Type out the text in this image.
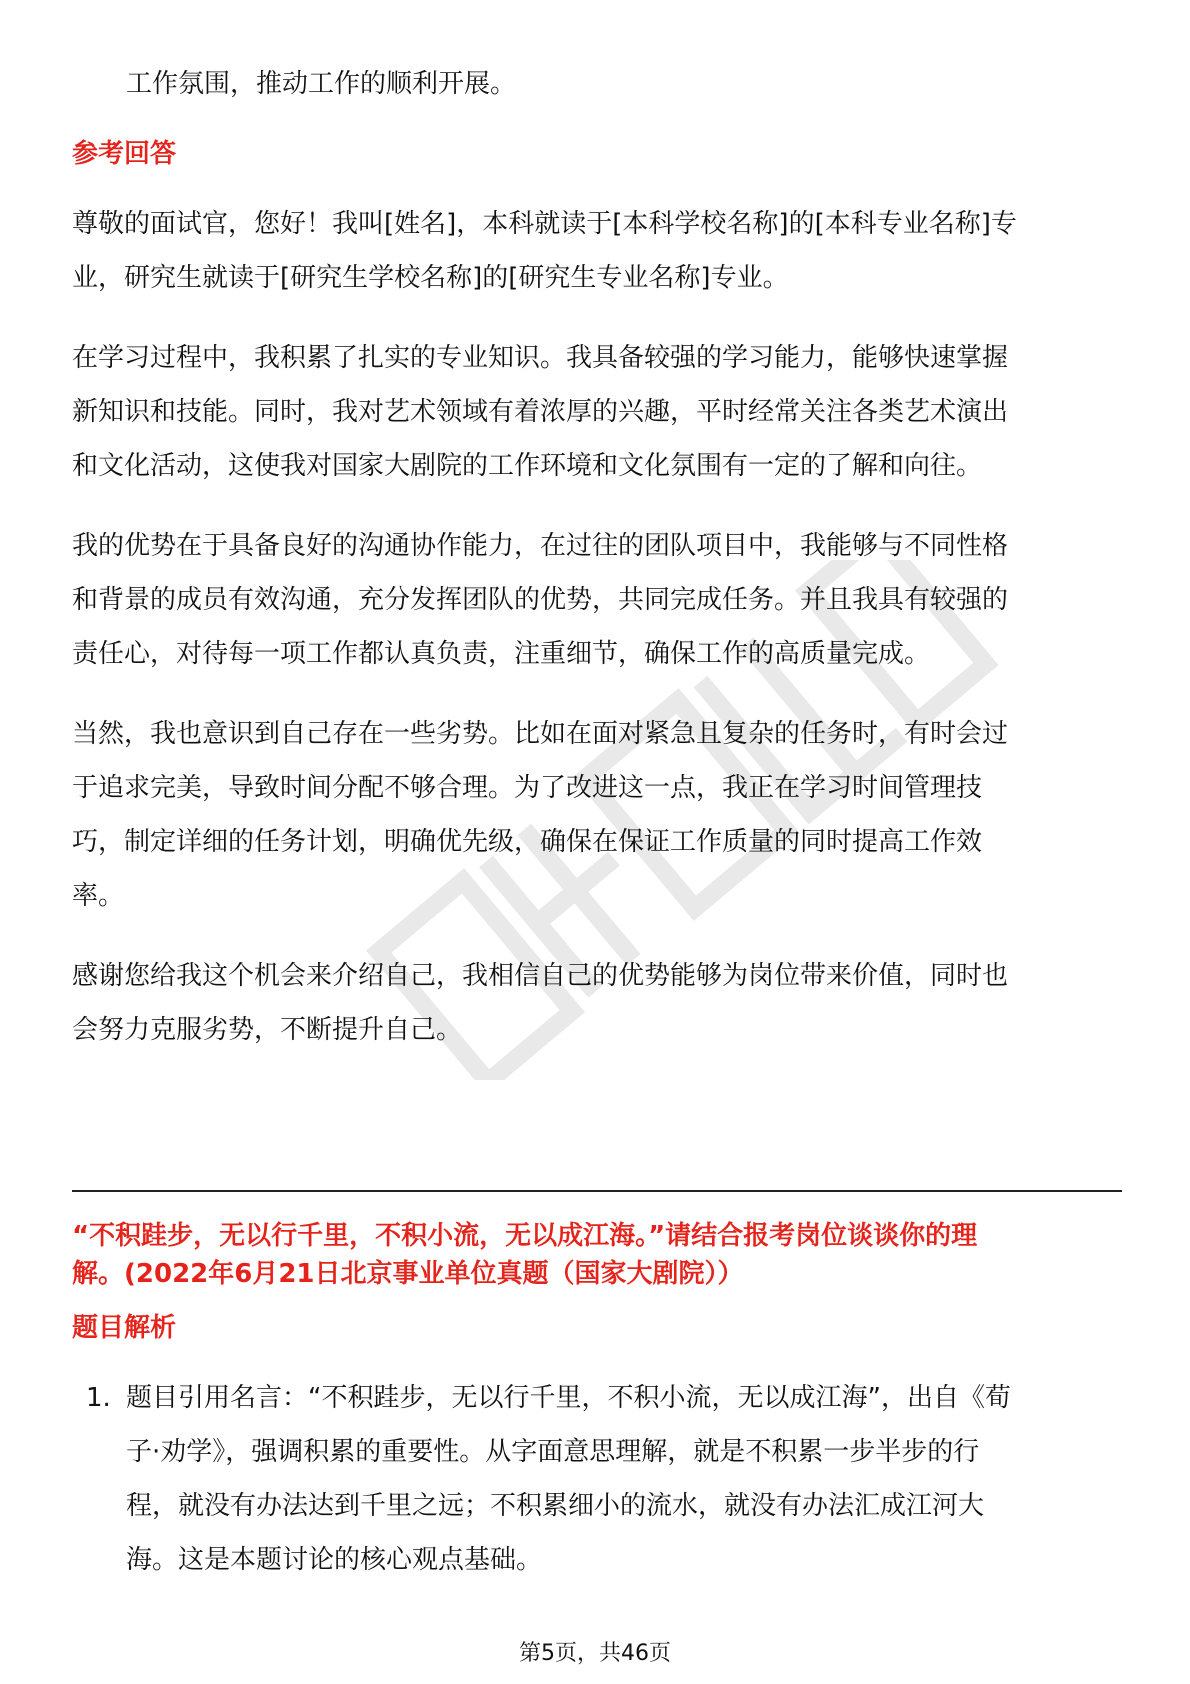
工作氛围，推动工作的顺利开展。
参考回答
尊敬的面试官，您好！我叫[姓名]，本科就读于[本科学校名称]的[本科专业名称]专
业，研究生就读于[研究生学校名称]的[研究生专业名称]专业。
在学习过程中，我积累了扎实的专业知识。我具备较强的学习能力，能够快速掌握
新知识和技能。同时，我对艺术领域有着浓厚的兴趣，平时经常关注各类艺术演出
和文化活动，这使我对国家大剧院的工作环境和文化氛围有一定的了解和向往。
我的优势在于具备良好的沟通协作能力，在过往的团队项目中，我能够与不同性格
和背景的成员有效沟通，充分发挥团队的优势，共同完成任务。并且我具有较强的
责任心，对待每一项工作都认真负责，注重细节，确保工作的高质量完成。
当然，我也意识到自己存在一些劣势。比如在面对紧急且复杂的任务时，有时会过
于追求完美，导致时间分配不够合理。为了改进这一点，我正在学习时间管理技
巧，制定详细的任务计划，明确优先级，确保在保证工作质量的同时提高工作效
率。
感谢您给我这个机会来介绍自己，我相信自己的优势能够为岗位带来价值，同时也
会努力克服劣势，不断提升自己。
“不积跬步，无以行千里，不积小流，无以成江海。”请结合报考岗位谈谈你的理
解。(2022年6月21日北京事业单位真题（国家大剧院））
题目解析
1. 题目引用名言：“不积跬步，无以行千里，不积小流，无以成江海”，出自《荀
子·劝学》，强调积累的重要性。从字面意思理解，就是不积累一步半步的行
程，就没有办法达到千里之远；不积累细小的流水，就没有办法汇成江河大
海。这是本题讨论的核心观点基础。
第5页，共46页
